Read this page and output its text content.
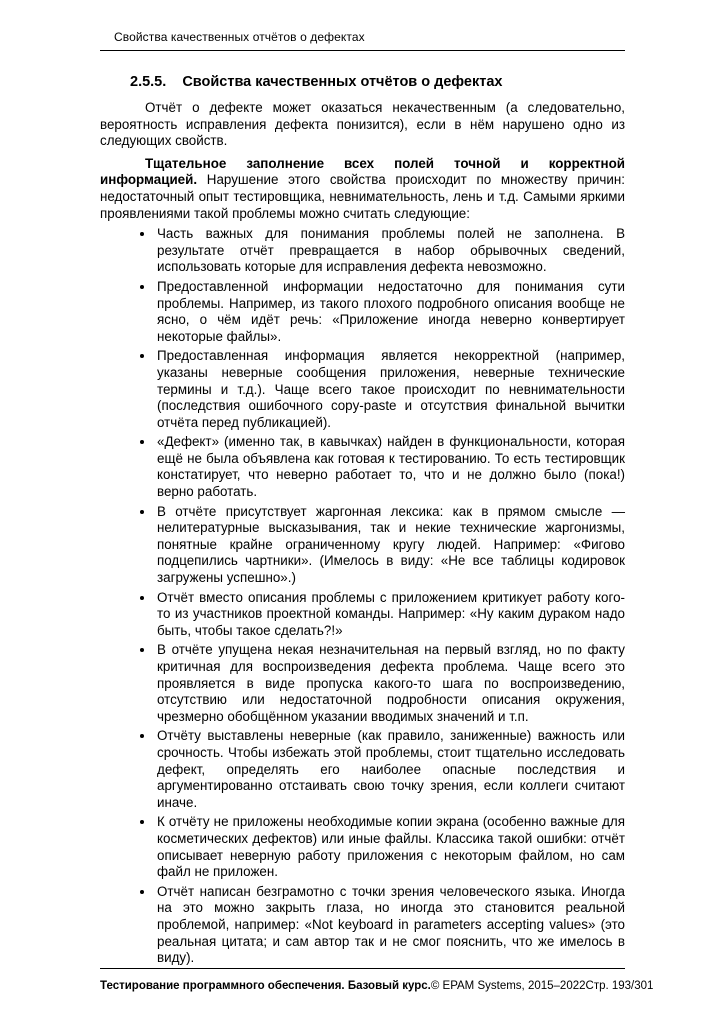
Свойства качественных отчётов о дефектах
2.5.5. Свойства качественных отчётов о дефектах

Отчёт о дефекте может оказаться некачественным (а следовательно, вероятность исправления дефекта понизится), если в нём нарушено одно из следующих свойств.

Тщательное заполнение всех полей точной и корректной информацией. Нарушение этого свойства происходит по множеству причин: недостаточный опыт тестировщика, невнимательность, лень и т.д. Самыми яркими проявлениями такой проблемы можно считать следующие:

• Часть важных для понимания проблемы полей не заполнена. В результате отчёт превращается в набор обрывочных сведений, использовать которые для исправления дефекта невозможно.
• Предоставленной информации недостаточно для понимания сути проблемы. Например, из такого плохого подробного описания вообще не ясно, о чём идёт речь: «Приложение иногда неверно конвертирует некоторые файлы».
• Предоставленная информация является некорректной (например, указаны неверные сообщения приложения, неверные технические термины и т.д.). Чаще всего такое происходит по невнимательности (последствия ошибочного copy-paste и отсутствия финальной вычитки отчёта перед публикацией).
• «Дефект» (именно так, в кавычках) найден в функциональности, которая ещё не была объявлена как готовая к тестированию. То есть тестировщик констатирует, что неверно работает то, что и не должно было (пока!) верно работать.
• В отчёте присутствует жаргонная лексика: как в прямом смысле — нелитературные высказывания, так и некие технические жаргонизмы, понятные крайне ограниченному кругу людей. Например: «Фигово подцепились чартники». (Имелось в виду: «Не все таблицы кодировок загружены успешно».)
• Отчёт вместо описания проблемы с приложением критикует работу кого-то из участников проектной команды. Например: «Ну каким дураком надо быть, чтобы такое сделать?!»
• В отчёте упущена некая незначительная на первый взгляд, но по факту критичная для воспроизведения дефекта проблема. Чаще всего это проявляется в виде пропуска какого-то шага по воспроизведению, отсутствию или недостаточной подробности описания окружения, чрезмерно обобщённом указании вводимых значений и т.п.
• Отчёту выставлены неверные (как правило, заниженные) важность или срочность. Чтобы избежать этой проблемы, стоит тщательно исследовать дефект, определять его наиболее опасные последствия и аргументированно отстаивать свою точку зрения, если коллеги считают иначе.
• К отчёту не приложены необходимые копии экрана (особенно важные для косметических дефектов) или иные файлы. Классика такой ошибки: отчёт описывает неверную работу приложения с некоторым файлом, но сам файл не приложен.
• Отчёт написан безграмотно с точки зрения человеческого языка. Иногда на это можно закрыть глаза, но иногда это становится реальной проблемой, например: «Not keyboard in parameters accepting values» (это реальная цитата; и сам автор так и не смог пояснить, что же имелось в виду).
Тестирование программного обеспечения. Базовый курс. © EPAM Systems, 2015–2022 Стр. 193/301
